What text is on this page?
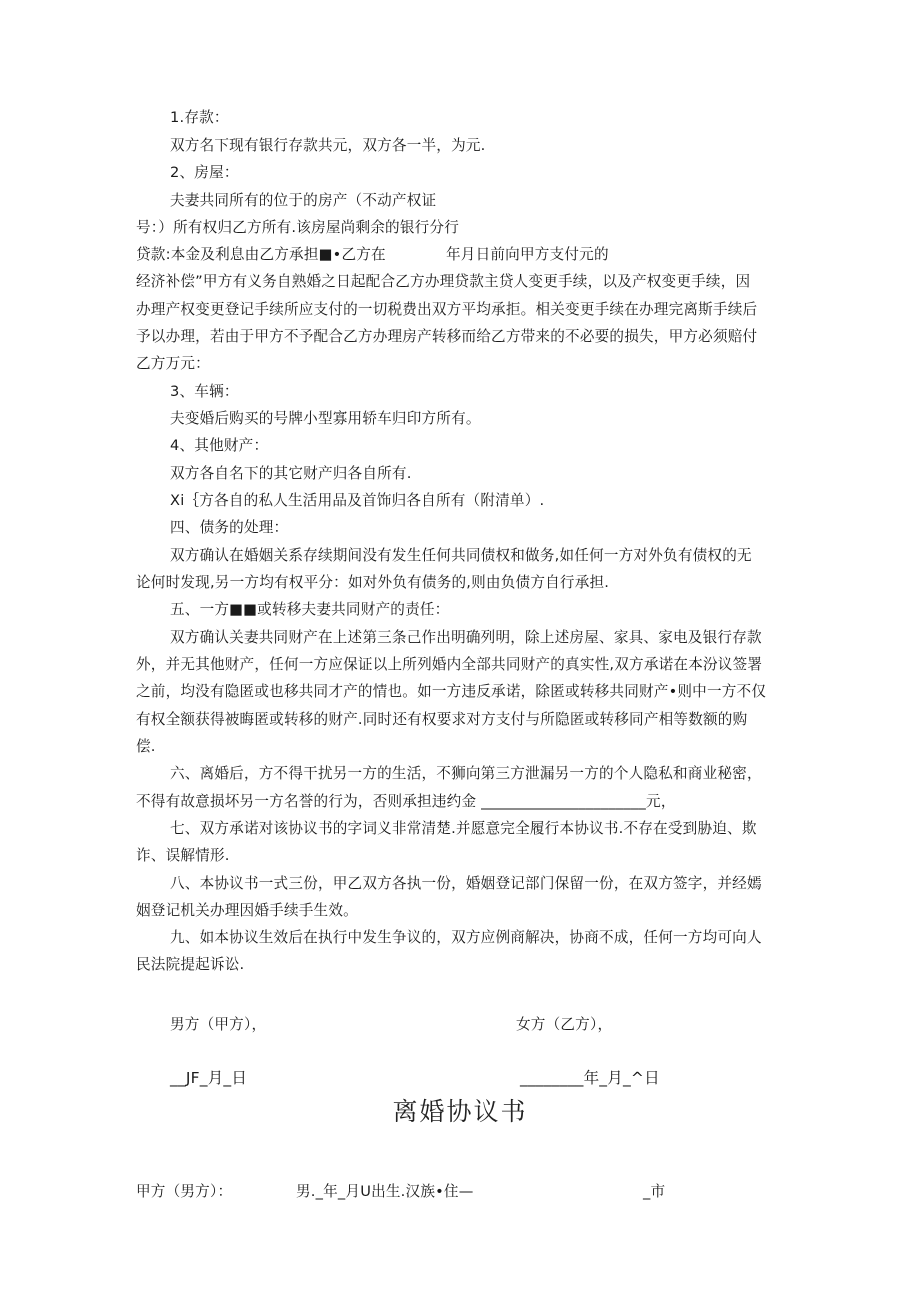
1.存款：
双方名下现有银行存款共元，双方各一半，为元.
2、房屋：
夫妻共同所有的位于的房产（不动产权证
号：）所有权归乙方所有.该房屋尚剩余的银行分行
贷款:本金及利息由乙方承担■•乙方在	年月日前向甲方支付元的
经济补偿”甲方有义务自熟婚之日起配合乙方办理贷款主贷人变更手续，以及产权变更手续，因
办理产权变更登记手续所应支付的一切税费出双方平均承拒。相关变更手续在办理完离斯手续后
予以办理，若由于甲方不予配合乙方办理房产转移而给乙方带来的不必要的损失，甲方必须赔付
乙方万元：
3、车辆：
夫变婚后购买的号牌小型寡用轿车归印方所有。
4、其他财产：
双方各自名下的其它财产归各自所有.
Xi｛方各自的私人生活用品及首饰归各自所有（附清单）.
四、债务的处理：
双方确认在婚姻关系存续期间没有发生任何共同债权和做务,如任何一方对外负有债权的无
论何时发现,另一方均有权平分：如对外负有债务的,则由负债方自行承担.
五、一方■■或转移夫妻共同财产的责任：
双方确认关妻共同财产在上述第三条己作出明确列明，除上述房屋、家具、家电及银行存款
外，并无其他财产，任何一方应保证以上所列婚内全部共同财产的真实性,双方承诺在本汾议签署
之前，均没有隐匿或也移共同才产的情也。如一方违反承诺，除匿或转移共同财产•则中一方不仅
有权全额获得被晦匿或转移的财产.同时还有权要求对方支付与所隐匿或转移同产相等数额的购
偿.
六、离婚后，方不得干扰另一方的生活，不狮向第三方泄漏另一方的个人隐私和商业秘密，
不得有故意损坏另一方名誉的行为，否则承担违约金 ______________________元，
七、双方承诺对该协议书的字词义非常清楚.并愿意完全履行本协议书.不存在受到胁迫、欺
诈、误解情形.
八、本协议书一式三份，甲乙双方各执一份，婚姻登记部门保留一份，在双方签字，并经嫣
姻登记机关办理因婚手续手生效。
九、如本协议生效后在执行中发生争议的，双方应例商解决，协商不成，任何一方均可向人
民法院提起诉讼.
男方（甲方），	女方（乙方），
__JF_月_日	________年_月_^日
离婚协议书
甲方（男方）：	男._年_月U出生.汉族•住—	_市
